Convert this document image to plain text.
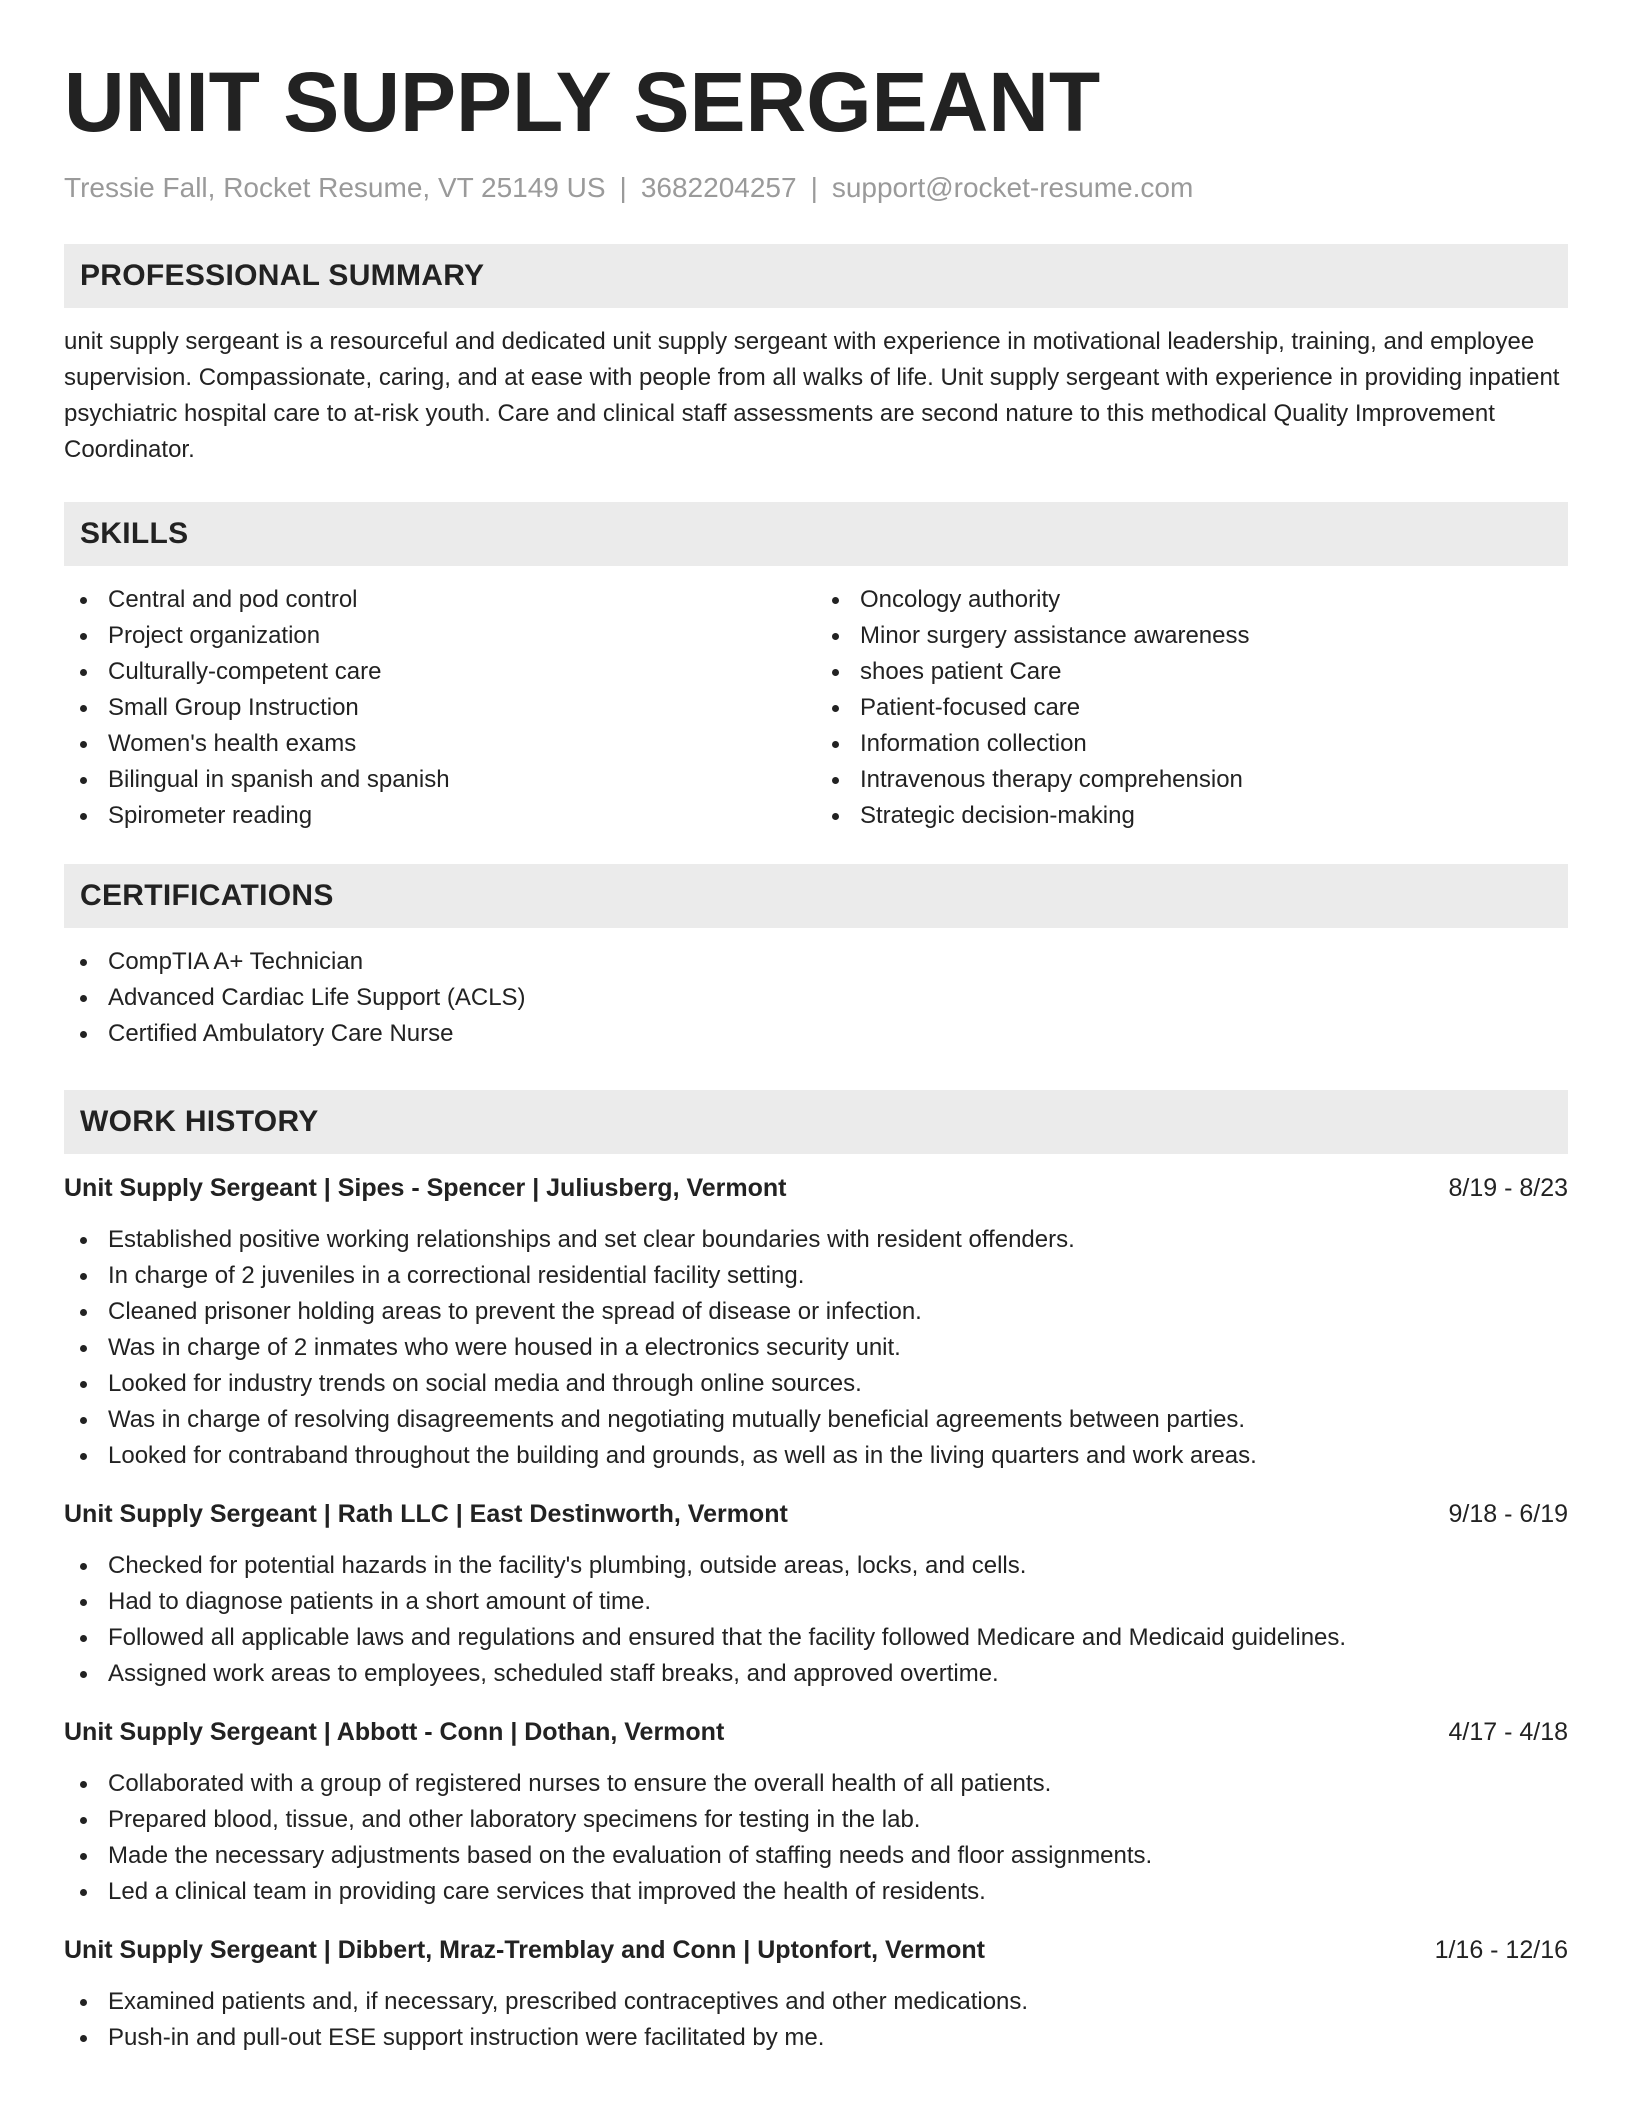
UNIT SUPPLY SERGEANT
Tressie Fall, Rocket Resume, VT 25149 US | 3682204257 | support@rocket-resume.com
PROFESSIONAL SUMMARY

unit supply sergeant is a resourceful and dedicated unit supply sergeant with experience in motivational leadership, training, and employee supervision. Compassionate, caring, and at ease with people from all walks of life. Unit supply sergeant with experience in providing inpatient psychiatric hospital care to at-risk youth. Care and clinical staff assessments are second nature to this methodical Quality Improvement Coordinator.

SKILLS
Central and pod control
Project organization
Culturally-competent care
Small Group Instruction
Women's health exams
Bilingual in spanish and spanish
Spirometer reading
Oncology authority
Minor surgery assistance awareness
shoes patient Care
Patient-focused care
Information collection
Intravenous therapy comprehension
Strategic decision-making
CERTIFICATIONS
CompTIA A+ Technician
Advanced Cardiac Life Support (ACLS)
Certified Ambulatory Care Nurse
WORK HISTORY
Unit Supply Sergeant | Sipes - Spencer | Juliusberg, Vermont	8/19 - 8/23
Established positive working relationships and set clear boundaries with resident offenders.
In charge of 2 juveniles in a correctional residential facility setting.
Cleaned prisoner holding areas to prevent the spread of disease or infection.
Was in charge of 2 inmates who were housed in a electronics security unit.
Looked for industry trends on social media and through online sources.
Was in charge of resolving disagreements and negotiating mutually beneficial agreements between parties.
Looked for contraband throughout the building and grounds, as well as in the living quarters and work areas.
Unit Supply Sergeant | Rath LLC | East Destinworth, Vermont	9/18 - 6/19
Checked for potential hazards in the facility's plumbing, outside areas, locks, and cells.
Had to diagnose patients in a short amount of time.
Followed all applicable laws and regulations and ensured that the facility followed Medicare and Medicaid guidelines.
Assigned work areas to employees, scheduled staff breaks, and approved overtime.
Unit Supply Sergeant | Abbott - Conn | Dothan, Vermont	4/17 - 4/18
Collaborated with a group of registered nurses to ensure the overall health of all patients.
Prepared blood, tissue, and other laboratory specimens for testing in the lab.
Made the necessary adjustments based on the evaluation of staffing needs and floor assignments.
Led a clinical team in providing care services that improved the health of residents.
Unit Supply Sergeant | Dibbert, Mraz-Tremblay and Conn | Uptonfort, Vermont	1/16 - 12/16
Examined patients and, if necessary, prescribed contraceptives and other medications.
Push-in and pull-out ESE support instruction were facilitated by me.
